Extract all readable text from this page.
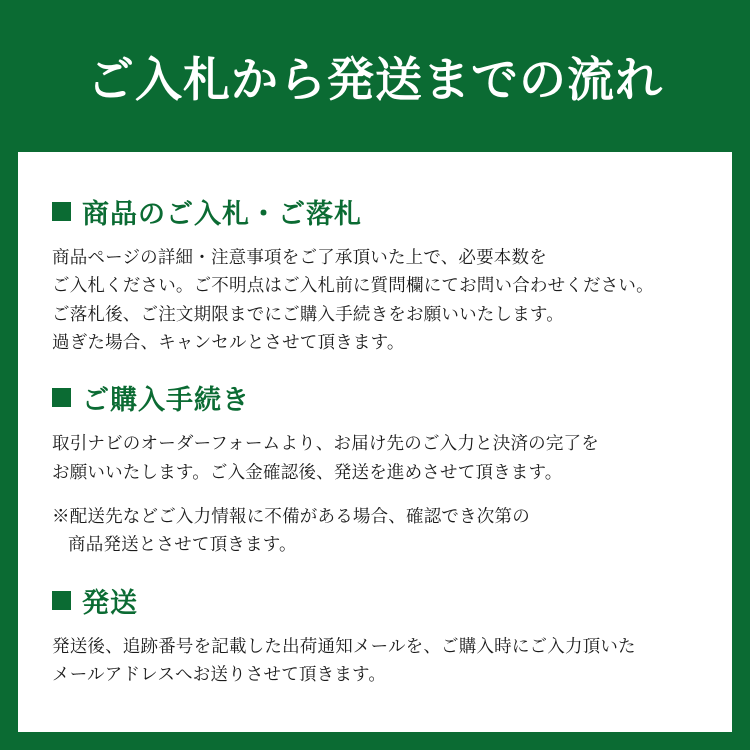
ご入札から発送までの流れ
商品のご入札・ご落札
商品ページの詳細・注意事項をご了承頂いた上で、必要本数を
ご入札ください。ご不明点はご入札前に質問欄にてお問い合わせください。
ご落札後、ご注文期限までにご購入手続きをお願いいたします。
過ぎた場合、キャンセルとさせて頂きます。
ご購入手続き
取引ナビのオーダーフォームより、お届け先のご入力と決済の完了を
お願いいたします。ご入金確認後、発送を進めさせて頂きます。
※配送先などご入力情報に不備がある場合、確認でき次第の
商品発送とさせて頂きます。
発送
発送後、追跡番号を記載した出荷通知メールを、ご購入時にご入力頂いた
メールアドレスへお送りさせて頂きます。
